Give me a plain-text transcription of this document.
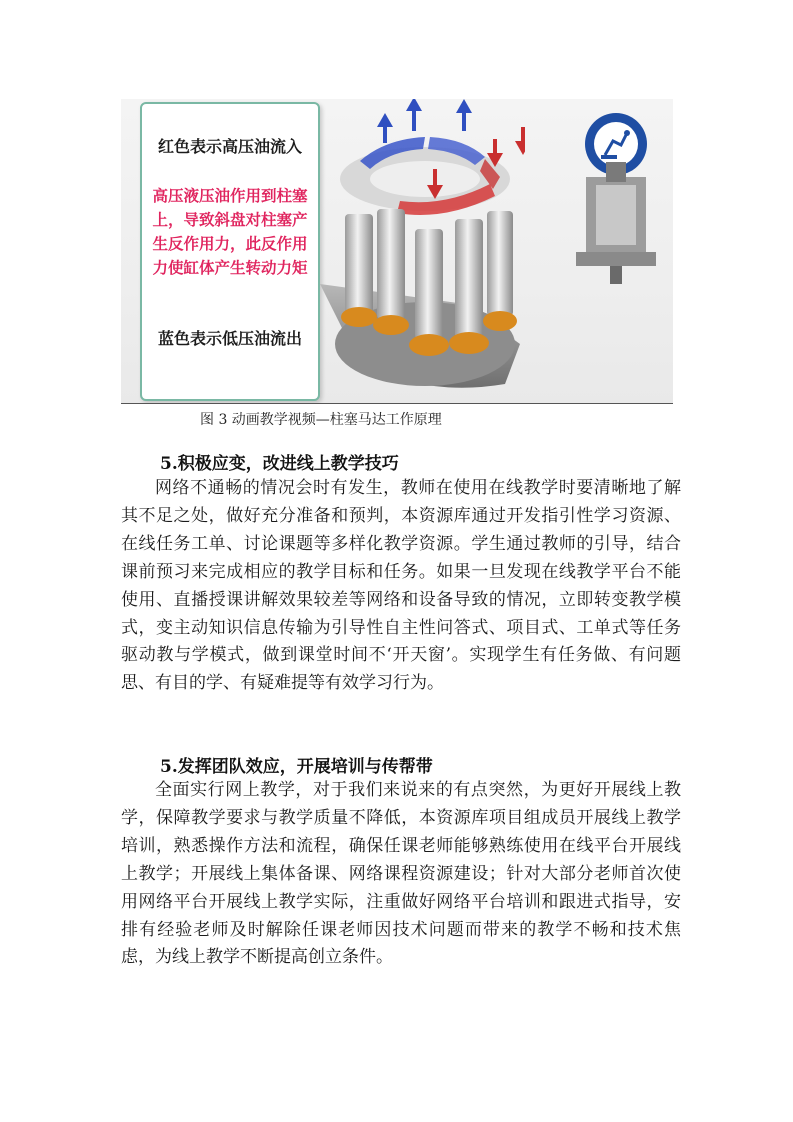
红色表示高压油流入
高压液压油作用到柱塞上，导致斜盘对柱塞产生反作用力，此反作用力使缸体产生转动力矩
蓝色表示低压油流出
图 3 动画教学视频—柱塞马达工作原理
5.积极应变，改进线上教学技巧

网络不通畅的情况会时有发生，教师在使用在线教学时要清晰地了解其不足之处，做好充分准备和预判，本资源库通过开发指引性学习资源、在线任务工单、讨论课题等多样化教学资源。学生通过教师的引导，结合课前预习来完成相应的教学目标和任务。如果一旦发现在线教学平台不能使用、直播授课讲解效果较差等网络和设备导致的情况，立即转变教学模式，变主动知识信息传输为引导性自主性问答式、项目式、工单式等任务驱动教与学模式，做到课堂时间不‘开天窗’。实现学生有任务做、有问题思、有目的学、有疑难提等有效学习行为。

5.发挥团队效应，开展培训与传帮带

全面实行网上教学，对于我们来说来的有点突然，为更好开展线上教学，保障教学要求与教学质量不降低，本资源库项目组成员开展线上教学培训，熟悉操作方法和流程，确保任课老师能够熟练使用在线平台开展线上教学；开展线上集体备课、网络课程资源建设；针对大部分老师首次使用网络平台开展线上教学实际，注重做好网络平台培训和跟进式指导，安排有经验老师及时解除任课老师因技术问题而带来的教学不畅和技术焦虑，为线上教学不断提高创立条件。
